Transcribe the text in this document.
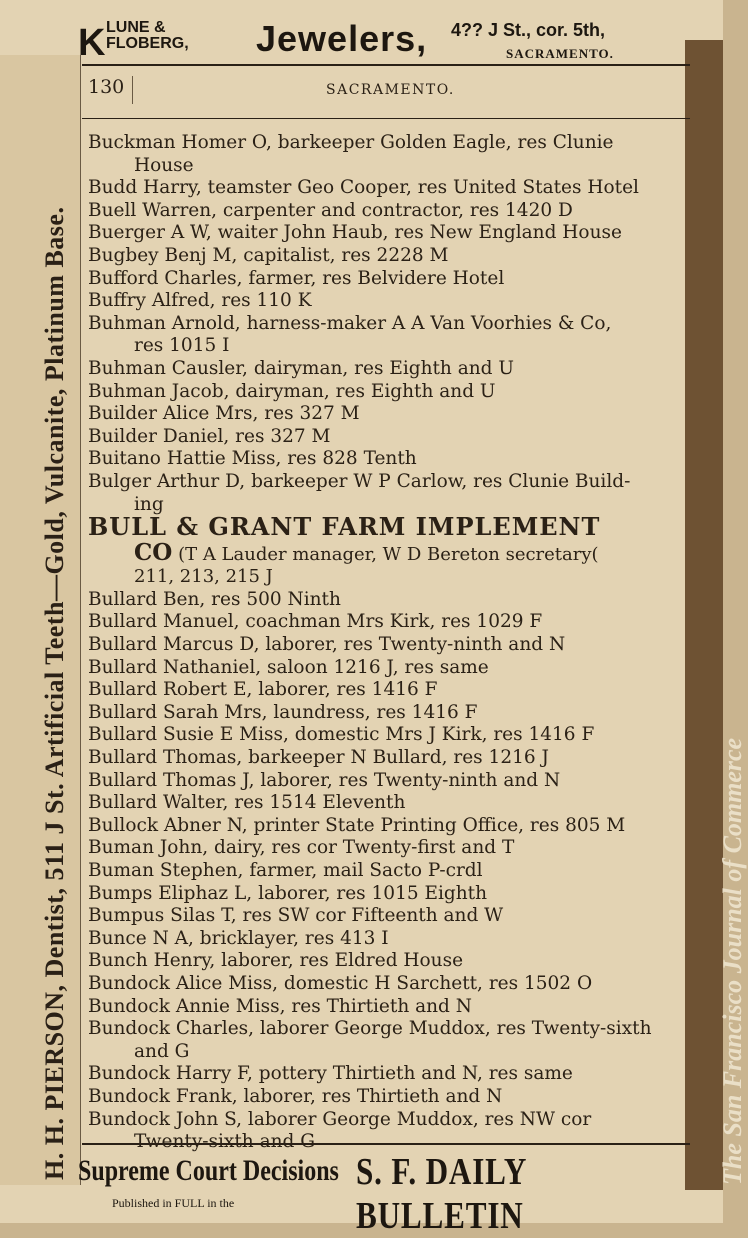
H. H. PIERSON, Dentist, 511 J St. Artificial Teeth—Gold, Vulcanite, Platinum Base.	The San Francisco Journal of Commerce
K LUNE &
FLOBERG, Jewelers, 4?? J St., cor. 5th,
SACRAMENTO.
130	SACRAMENTO.
Buckman Homer O, barkeeper Golden Eagle, res Clunie
House
Budd Harry, teamster Geo Cooper, res United States Hotel
Buell Warren, carpenter and contractor, res 1420 D
Buerger A W, waiter John Haub, res New England House
Bugbey Benj M, capitalist, res 2228 M
Bufford Charles, farmer, res Belvidere Hotel
Buffry Alfred, res 110 K
Buhman Arnold, harness-maker A A Van Voorhies & Co,
res 1015 I
Buhman Causler, dairyman, res Eighth and U
Buhman Jacob, dairyman, res Eighth and U
Builder Alice Mrs, res 327 M
Builder Daniel, res 327 M
Buitano Hattie Miss, res 828 Tenth
Bulger Arthur D, barkeeper W P Carlow, res Clunie Build-
ing
BULL & GRANT FARM IMPLEMENT
CO (T A Lauder manager, W D Bereton secretary(
211, 213, 215 J
Bullard Ben, res 500 Ninth
Bullard Manuel, coachman Mrs Kirk, res 1029 F
Bullard Marcus D, laborer, res Twenty-ninth and N
Bullard Nathaniel, saloon 1216 J, res same
Bullard Robert E, laborer, res 1416 F
Bullard Sarah Mrs, laundress, res 1416 F
Bullard Susie E Miss, domestic Mrs J Kirk, res 1416 F
Bullard Thomas, barkeeper N Bullard, res 1216 J
Bullard Thomas J, laborer, res Twenty-ninth and N
Bullard Walter, res 1514 Eleventh
Bullock Abner N, printer State Printing Office, res 805 M
Buman John, dairy, res cor Twenty-first and T
Buman Stephen, farmer, mail Sacto P-crdl
Bumps Eliphaz L, laborer, res 1015 Eighth
Bumpus Silas T, res SW cor Fifteenth and W
Bunce N A, bricklayer, res 413 I
Bunch Henry, laborer, res Eldred House
Bundock Alice Miss, domestic H Sarchett, res 1502 O
Bundock Annie Miss, res Thirtieth and N
Bundock Charles, laborer George Muddox, res Twenty-sixth
and G
Bundock Harry F, pottery Thirtieth and N, res same
Bundock Frank, laborer, res Thirtieth and N
Bundock John S, laborer George Muddox, res NW cor
Twenty-sixth and G
Supreme Court Decisions S. F. DAILY BULLETIN
Published in FULL in the
